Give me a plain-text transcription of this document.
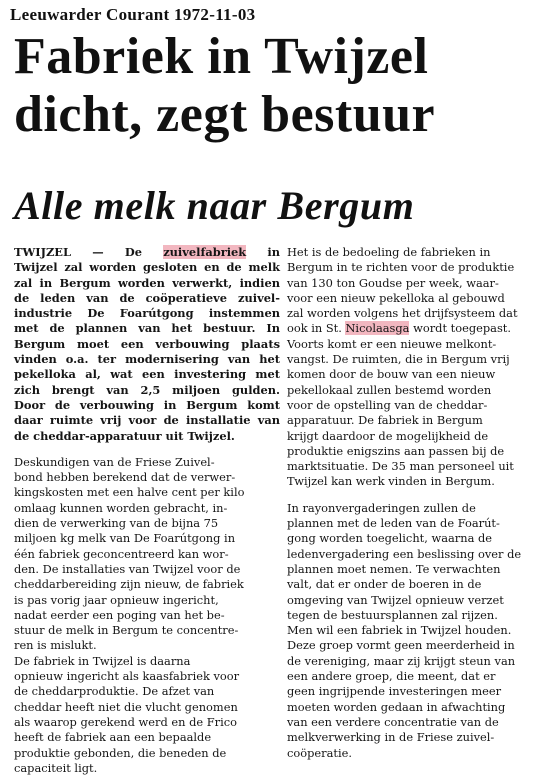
Leeuwarder Courant 1972-11-03
Fabriek in Twijzel
dicht, zegt bestuur
Alle melk naar Bergum
TWIJZEL — De zuivelfabriek in
Twijzel zal worden gesloten en de melk
zal in Bergum worden verwerkt, indien
de leden van de coöperatieve zuivel-
industrie De Foarútgong instemmen
met de plannen van het bestuur. In
Bergum moet een verbouwing plaats
vinden o.a. ter modernisering van het
pekelloka al, wat een investering met
zich brengt van 2,5 miljoen gulden.
Door de verbouwing in Bergum komt
daar ruimte vrij voor de installatie van
de cheddar-apparatuur uit Twijzel.
Deskundigen van de Friese Zuivel-
bond hebben berekend dat de verwer-
kingskosten met een halve cent per kilo
omlaag kunnen worden gebracht, in-
dien de verwerking van de bijna 75
miljoen kg melk van De Foarútgong in
één fabriek geconcentreerd kan wor-
den. De installaties van Twijzel voor de
cheddarbereiding zijn nieuw, de fabriek
is pas vorig jaar opnieuw ingericht,
nadat eerder een poging van het be-
stuur de melk in Bergum te concentre-
ren is mislukt.
De fabriek in Twijzel is daarna
opnieuw ingericht als kaasfabriek voor
de cheddarproduktie. De afzet van
cheddar heeft niet die vlucht genomen
als waarop gerekend werd en de Frico
heeft de fabriek aan een bepaalde
produktie gebonden, die beneden de
capaciteit ligt.
Het is de bedoeling de fabrieken in
Bergum in te richten voor de produktie
van 130 ton Goudse per week, waar-
voor een nieuw pekelloka al gebouwd
zal worden volgens het drijfsysteem dat
ook in St. Nicolaasga wordt toegepast.
Voorts komt er een nieuwe melkont-
vangst. De ruimten, die in Bergum vrij
komen door de bouw van een nieuw
pekellokaal zullen bestemd worden
voor de opstelling van de cheddar-
apparatuur. De fabriek in Bergum
krijgt daardoor de mogelijkheid de
produktie enigszins aan passen bij de
marktsituatie. De 35 man personeel uit
Twijzel kan werk vinden in Bergum.
In rayonvergaderingen zullen de
plannen met de leden van de Foarút-
gong worden toegelicht, waarna de
ledenvergadering een beslissing over de
plannen moet nemen. Te verwachten
valt, dat er onder de boeren in de
omgeving van Twijzel opnieuw verzet
tegen de bestuursplannen zal rijzen.
Men wil een fabriek in Twijzel houden.
Deze groep vormt geen meerderheid in
de vereniging, maar zij krijgt steun van
een andere groep, die meent, dat er
geen ingrijpende investeringen meer
moeten worden gedaan in afwachting
van een verdere concentratie van de
melkverwerking in de Friese zuivel-
coöperatie.
